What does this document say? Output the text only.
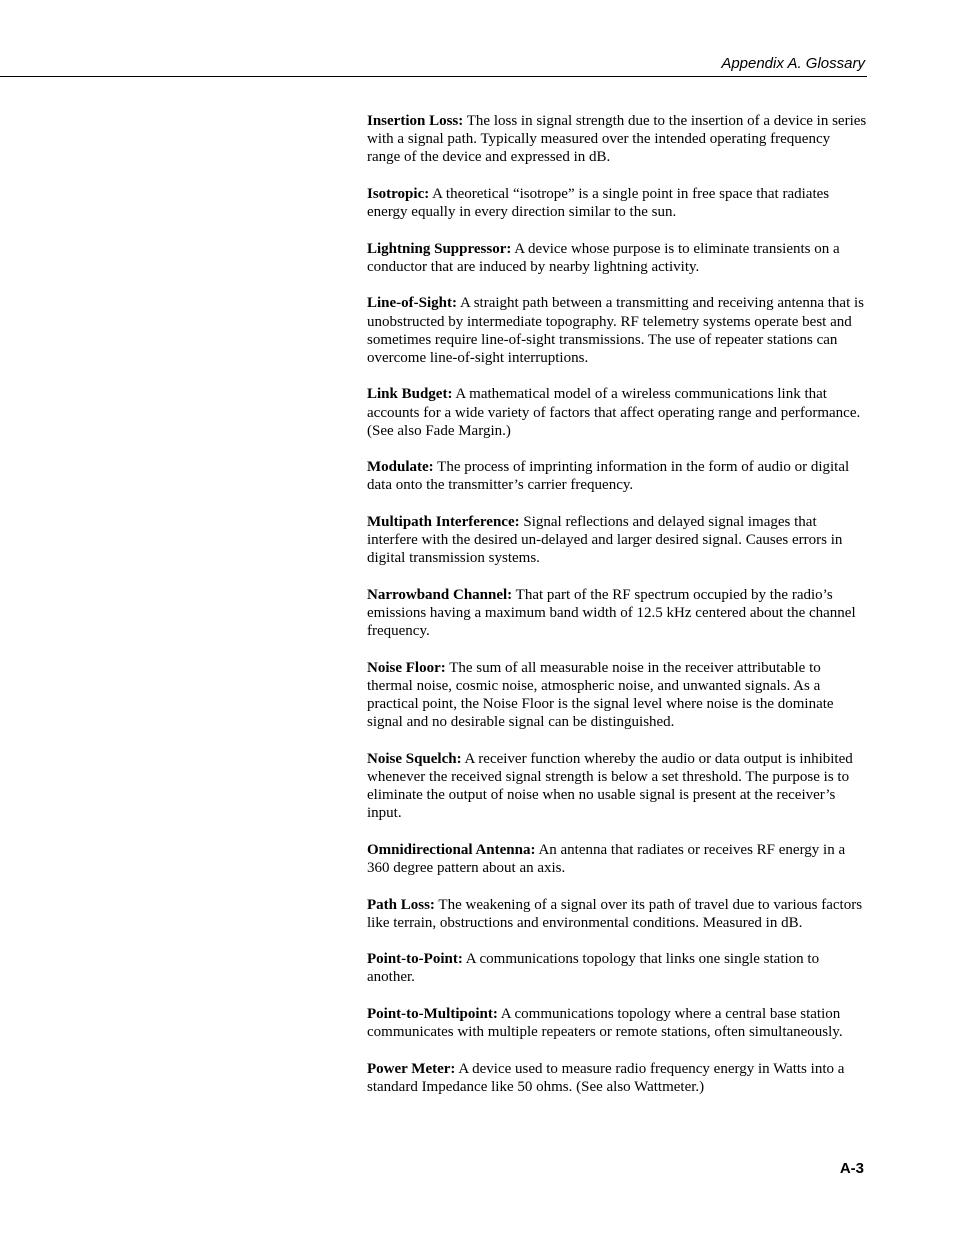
Appendix A. Glossary

Insertion Loss: The loss in signal strength due to the insertion of a device in series with a signal path. Typically measured over the intended operating frequency range of the device and expressed in dB.

Isotropic: A theoretical “isotrope” is a single point in free space that radiates energy equally in every direction similar to the sun.

Lightning Suppressor: A device whose purpose is to eliminate transients on a conductor that are induced by nearby lightning activity.

Line-of-Sight: A straight path between a transmitting and receiving antenna that is unobstructed by intermediate topography. RF telemetry systems operate best and sometimes require line-of-sight transmissions. The use of repeater stations can overcome line-of-sight interruptions.

Link Budget: A mathematical model of a wireless communications link that accounts for a wide variety of factors that affect operating range and performance. (See also Fade Margin.)

Modulate: The process of imprinting information in the form of audio or digital data onto the transmitter’s carrier frequency.

Multipath Interference: Signal reflections and delayed signal images that interfere with the desired un-delayed and larger desired signal. Causes errors in digital transmission systems.

Narrowband Channel: That part of the RF spectrum occupied by the radio’s emissions having a maximum band width of 12.5 kHz centered about the channel frequency.

Noise Floor: The sum of all measurable noise in the receiver attributable to thermal noise, cosmic noise, atmospheric noise, and unwanted signals. As a practical point, the Noise Floor is the signal level where noise is the dominate signal and no desirable signal can be distinguished.

Noise Squelch: A receiver function whereby the audio or data output is inhibited whenever the received signal strength is below a set threshold. The purpose is to eliminate the output of noise when no usable signal is present at the receiver’s input.

Omnidirectional Antenna: An antenna that radiates or receives RF energy in a 360 degree pattern about an axis.

Path Loss: The weakening of a signal over its path of travel due to various factors like terrain, obstructions and environmental conditions. Measured in dB.

Point-to-Point: A communications topology that links one single station to another.

Point-to-Multipoint: A communications topology where a central base station communicates with multiple repeaters or remote stations, often simultaneously.

Power Meter: A device used to measure radio frequency energy in Watts into a standard Impedance like 50 ohms. (See also Wattmeter.)

A-3
